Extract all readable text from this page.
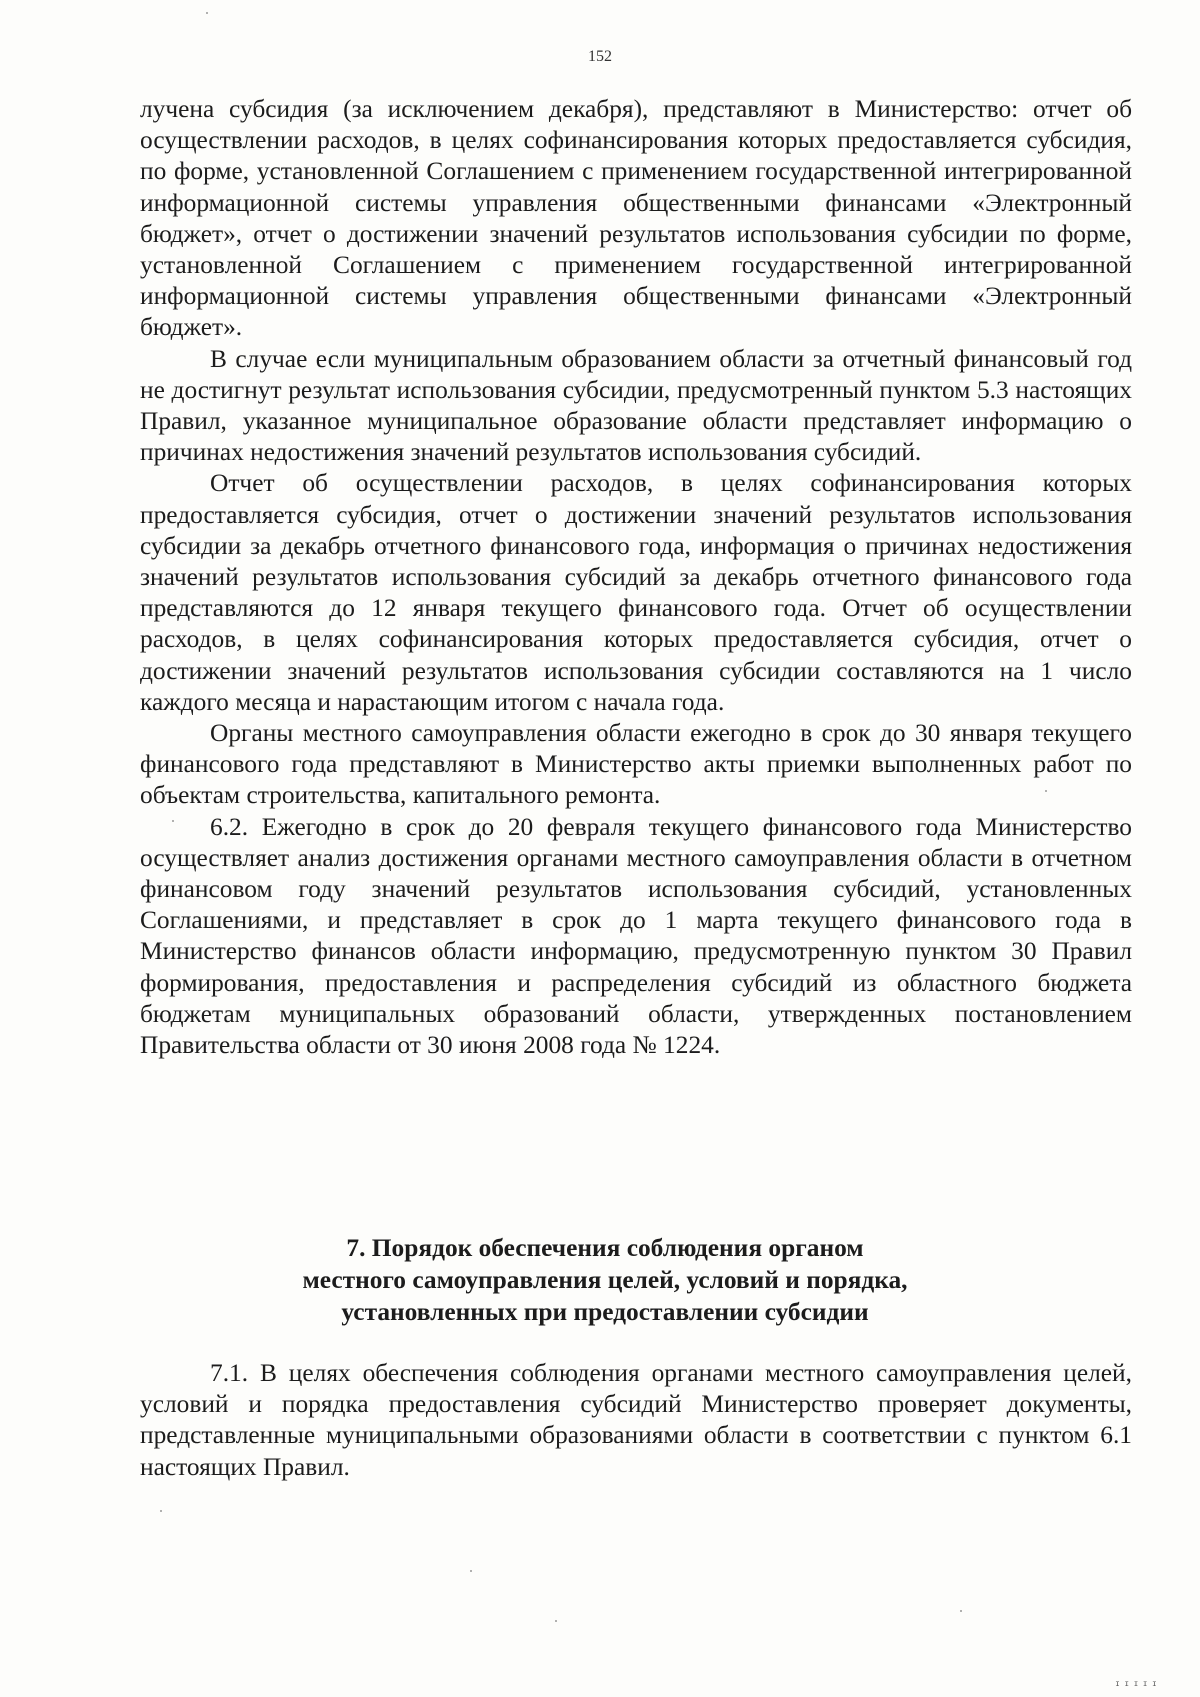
152

лучена субсидия (за исключением декабря), представляют в Министерство: отчет об осуществлении расходов, в целях софинансирования которых предоставляется субсидия, по форме, установленной Соглашением с применением государственной интегрированной информационной системы управления общественными финансами «Электронный бюджет», отчет о достижении значений результатов использования субсидии по форме, установленной Соглашением с применением государственной интегрированной информационной системы управления общественными финансами «Электронный бюджет».

В случае если муниципальным образованием области за отчетный финансовый год не достигнут результат использования субсидии, предусмотренный пунктом 5.3 настоящих Правил, указанное муниципальное образование области представляет информацию о причинах недостижения значений результатов использования субсидий.

Отчет об осуществлении расходов, в целях софинансирования которых предоставляется субсидия, отчет о достижении значений результатов использования субсидии за декабрь отчетного финансового года, информация о причинах недостижения значений результатов использования субсидий за декабрь отчетного финансового года представляются до 12 января текущего финансового года. Отчет об осуществлении расходов, в целях софинансирования которых предоставляется субсидия, отчет о достижении значений результатов использования субсидии составляются на 1 число каждого месяца и нарастающим итогом с начала года.

Органы местного самоуправления области ежегодно в срок до 30 января текущего финансового года представляют в Министерство акты приемки выполненных работ по объектам строительства, капитального ремонта.

6.2. Ежегодно в срок до 20 февраля текущего финансового года Министерство осуществляет анализ достижения органами местного самоуправления области в отчетном финансовом году значений результатов использования субсидий, установленных Соглашениями, и представляет в срок до 1 марта текущего финансового года в Министерство финансов области информацию, предусмотренную пунктом 30 Правил формирования, предоставления и распределения субсидий из областного бюджета бюджетам муниципальных образований области, утвержденных постановлением Правительства области от 30 июня 2008 года № 1224.

7. Порядок обеспечения соблюдения органом
местного самоуправления целей, условий и порядка,
установленных при предоставлении субсидии

7.1. В целях обеспечения соблюдения органами местного самоуправления целей, условий и порядка предоставления субсидий Министерство проверяет документы, представленные муниципальными образованиями области в соответствии с пунктом 6.1 настоящих Правил.

ᴵᴵᴵᴵᴵ
